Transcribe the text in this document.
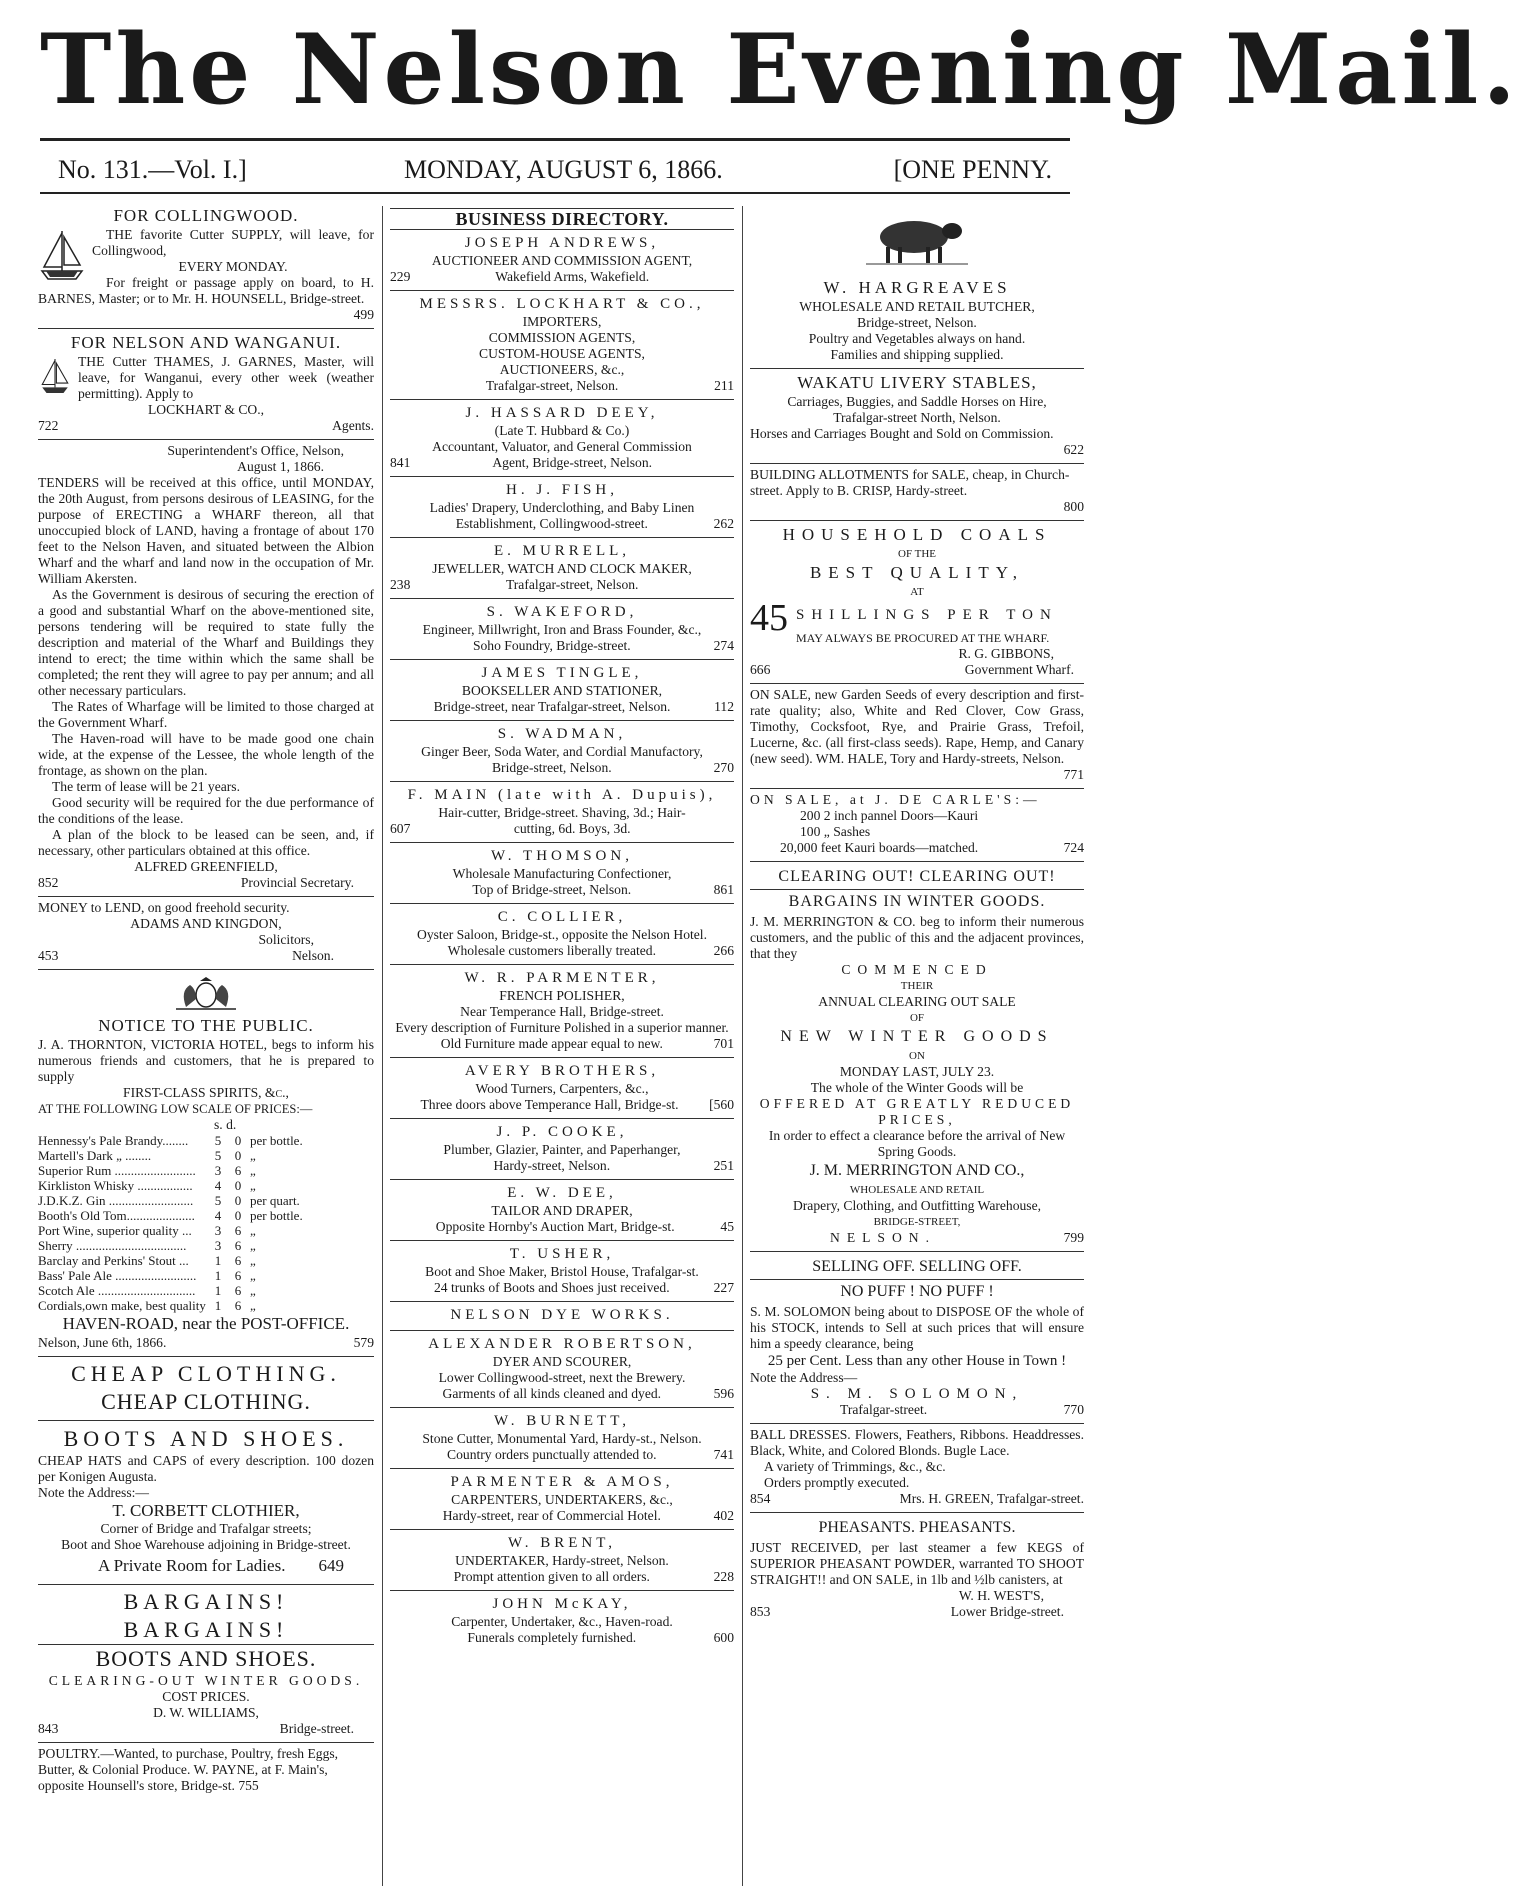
The Nelson Evening Mail.
No. 131.—Vol. I.]	MONDAY, AUGUST 6, 1866.	[ONE PENNY.
FOR COLLINGWOOD.
THE favorite Cutter SUPPLY, will leave, for Collingwood,
EVERY MONDAY.
For freight or passage apply on board, to H. BARNES, Master; or to Mr. H. HOUNSELL, Bridge-street.
499
FOR NELSON AND WANGANUI.
THE Cutter THAMES, J. GARNES, Master, will leave, for Wanganui, every other week (weather permitting). Apply to
LOCKHART & CO.,
722	Agents.
Superintendent's Office, Nelson,
August 1, 1866.
TENDERS will be received at this office, until MONDAY, the 20th August, from persons desirous of LEASING, for the purpose of ERECTING a WHARF thereon, all that unoccupied block of LAND, having a frontage of about 170 feet to the Nelson Haven, and situated between the Albion Wharf and the wharf and land now in the occupation of Mr. William Akersten.
As the Government is desirous of securing the erection of a good and substantial Wharf on the above-mentioned site, persons tendering will be required to state fully the description and material of the Wharf and Buildings they intend to erect; the time within which the same shall be completed; the rent they will agree to pay per annum; and all other necessary particulars.
The Rates of Wharfage will be limited to those charged at the Government Wharf.
The Haven-road will have to be made good one chain wide, at the expense of the Lessee, the whole length of the frontage, as shown on the plan.
The term of lease will be 21 years.
Good security will be required for the due performance of the conditions of the lease.
A plan of the block to be leased can be seen, and, if necessary, other particulars obtained at this office.
ALFRED GREENFIELD,
852	Provincial Secretary.
MONEY to LEND, on good freehold security.
ADAMS AND KINGDON,
Solicitors,
453	Nelson.
NOTICE TO THE PUBLIC.
J. A. THORNTON, VICTORIA HOTEL, begs to inform his numerous friends and customers, that he is prepared to supply
FIRST-CLASS SPIRITS, &c.,
AT THE FOLLOWING LOW SCALE OF PRICES:—
s. d.
Hennessy's Pale Brandy........	5	0	per bottle.
Martell's Dark „ ........	5	0	„
Superior Rum .........................	3	6	„
Kirkliston Whisky .................	4	0	„
J.D.K.Z. Gin ..........................	5	0	per quart.
Booth's Old Tom.....................	4	0	per bottle.
Port Wine, superior quality ...	3	6	„
Sherry ..................................	3	6	„
Barclay and Perkins' Stout ...	1	6	„
Bass' Pale Ale .........................	1	6	„
Scotch Ale ..............................	1	6	„
Cordials,own make, best quality	1	6	„
HAVEN-ROAD, near the POST-OFFICE.
Nelson, June 6th, 1866.	579
CHEAP CLOTHING.
CHEAP CLOTHING.
BOOTS AND SHOES.
CHEAP HATS and CAPS of every description. 100 dozen per Konigen Augusta.
Note the Address:—
T. CORBETT CLOTHIER,
Corner of Bridge and Trafalgar streets;
Boot and Shoe Warehouse adjoining in Bridge-street.
A Private Room for Ladies. 649
BARGAINS! BARGAINS!
BOOTS AND SHOES.
CLEARING-OUT WINTER GOODS.
COST PRICES.
D. W. WILLIAMS,
843	Bridge-street.
POULTRY.—Wanted, to purchase, Poultry, fresh Eggs, Butter, & Colonial Produce. W. PAYNE, at F. Main's, opposite Hounsell's store, Bridge-st. 755
BUSINESS DIRECTORY.
JOSEPH ANDREWS,
AUCTIONEER AND COMMISSION AGENT,
229	Wakefield Arms, Wakefield.
MESSRS. LOCKHART & CO.,
IMPORTERS,
COMMISSION AGENTS,
CUSTOM-HOUSE AGENTS,
AUCTIONEERS, &c.,
Trafalgar-street, Nelson.	211
J. HASSARD DEEY,
(Late T. Hubbard & Co.)
Accountant, Valuator, and General Commission
841	Agent, Bridge-street, Nelson.
H. J. FISH,
Ladies' Drapery, Underclothing, and Baby Linen
Establishment, Collingwood-street.	262
E. MURRELL,
JEWELLER, WATCH AND CLOCK MAKER,
238	Trafalgar-street, Nelson.
S. WAKEFORD,
Engineer, Millwright, Iron and Brass Founder, &c.,
Soho Foundry, Bridge-street.	274
JAMES TINGLE,
BOOKSELLER AND STATIONER,
Bridge-street, near Trafalgar-street, Nelson.	112
S. WADMAN,
Ginger Beer, Soda Water, and Cordial Manufactory,
Bridge-street, Nelson.	270
F. MAIN (late with A. Dupuis),
Hair-cutter, Bridge-street. Shaving, 3d.; Hair-
607	cutting, 6d. Boys, 3d.
W. THOMSON,
Wholesale Manufacturing Confectioner,
Top of Bridge-street, Nelson.	861
C. COLLIER,
Oyster Saloon, Bridge-st., opposite the Nelson Hotel.
Wholesale customers liberally treated.	266
W. R. PARMENTER,
FRENCH POLISHER,
Near Temperance Hall, Bridge-street.
Every description of Furniture Polished in a superior manner.
Old Furniture made appear equal to new.	701
AVERY BROTHERS,
Wood Turners, Carpenters, &c.,
Three doors above Temperance Hall, Bridge-st.	[560
J. P. COOKE,
Plumber, Glazier, Painter, and Paperhanger,
Hardy-street, Nelson.	251
E. W. DEE,
TAILOR AND DRAPER,
Opposite Hornby's Auction Mart, Bridge-st.	45
T. USHER,
Boot and Shoe Maker, Bristol House, Trafalgar-st.
24 trunks of Boots and Shoes just received.	227
NELSON DYE WORKS.
ALEXANDER ROBERTSON,
DYER AND SCOURER,
Lower Collingwood-street, next the Brewery.
Garments of all kinds cleaned and dyed.	596
W. BURNETT,
Stone Cutter, Monumental Yard, Hardy-st., Nelson.
Country orders punctually attended to.	741
PARMENTER & AMOS,
CARPENTERS, UNDERTAKERS, &c.,
Hardy-street, rear of Commercial Hotel.	402
W. BRENT,
UNDERTAKER, Hardy-street, Nelson.
Prompt attention given to all orders.	228
JOHN McKAY,
Carpenter, Undertaker, &c., Haven-road.
Funerals completely furnished.	600
W. HARGREAVES
WHOLESALE AND RETAIL BUTCHER,
Bridge-street, Nelson.
Poultry and Vegetables always on hand.
Families and shipping supplied.
WAKATU LIVERY STABLES,
Carriages, Buggies, and Saddle Horses on Hire,
Trafalgar-street North, Nelson.
Horses and Carriages Bought and Sold on Commission.
622
BUILDING ALLOTMENTS for SALE, cheap, in Church-street. Apply to B. CRISP, Hardy-street.
800
HOUSEHOLD COALS
OF THE
BEST QUALITY,
AT
45 SHILLINGS PER TON
MAY ALWAYS BE PROCURED AT THE WHARF.
R. G. GIBBONS,
666	Government Wharf.
ON SALE, new Garden Seeds of every description and first-rate quality; also, White and Red Clover, Cow Grass, Timothy, Cocksfoot, Rye, and Prairie Grass, Trefoil, Lucerne, &c. (all first-class seeds). Rape, Hemp, and Canary (new seed). WM. HALE, Tory and Hardy-streets, Nelson.
771
ON SALE, at J. DE CARLE'S:—
200 2 inch pannel Doors—Kauri
100 „ Sashes
20,000 feet Kauri boards—matched.	724
CLEARING OUT! CLEARING OUT!
BARGAINS IN WINTER GOODS.
J. M. MERRINGTON & CO. beg to inform their numerous customers, and the public of this and the adjacent provinces, that they
COMMENCED
THEIR
ANNUAL CLEARING OUT SALE
OF
NEW WINTER GOODS
ON
MONDAY LAST, JULY 23.
The whole of the Winter Goods will be
OFFERED AT GREATLY REDUCED PRICES,
In order to effect a clearance before the arrival of New Spring Goods.
J. M. MERRINGTON AND CO.,
WHOLESALE AND RETAIL
Drapery, Clothing, and Outfitting Warehouse,
BRIDGE-STREET,
NELSON.	799
SELLING OFF. SELLING OFF.
NO PUFF ! NO PUFF !
S. M. SOLOMON being about to DISPOSE OF the whole of his STOCK, intends to Sell at such prices that will ensure him a speedy clearance, being
25 per Cent. Less than any other House in Town !
Note the Address—
S. M. SOLOMON,
Trafalgar-street.	770
BALL DRESSES. Flowers, Feathers, Ribbons. Headdresses. Black, White, and Colored Blonds. Bugle Lace.
A variety of Trimmings, &c., &c.
Orders promptly executed.
854	Mrs. H. GREEN, Trafalgar-street.
PHEASANTS. PHEASANTS.
JUST RECEIVED, per last steamer a few KEGS of SUPERIOR PHEASANT POWDER, warranted TO SHOOT STRAIGHT!! and ON SALE, in 1lb and ½lb canisters, at
W. H. WEST'S,
853	Lower Bridge-street.
